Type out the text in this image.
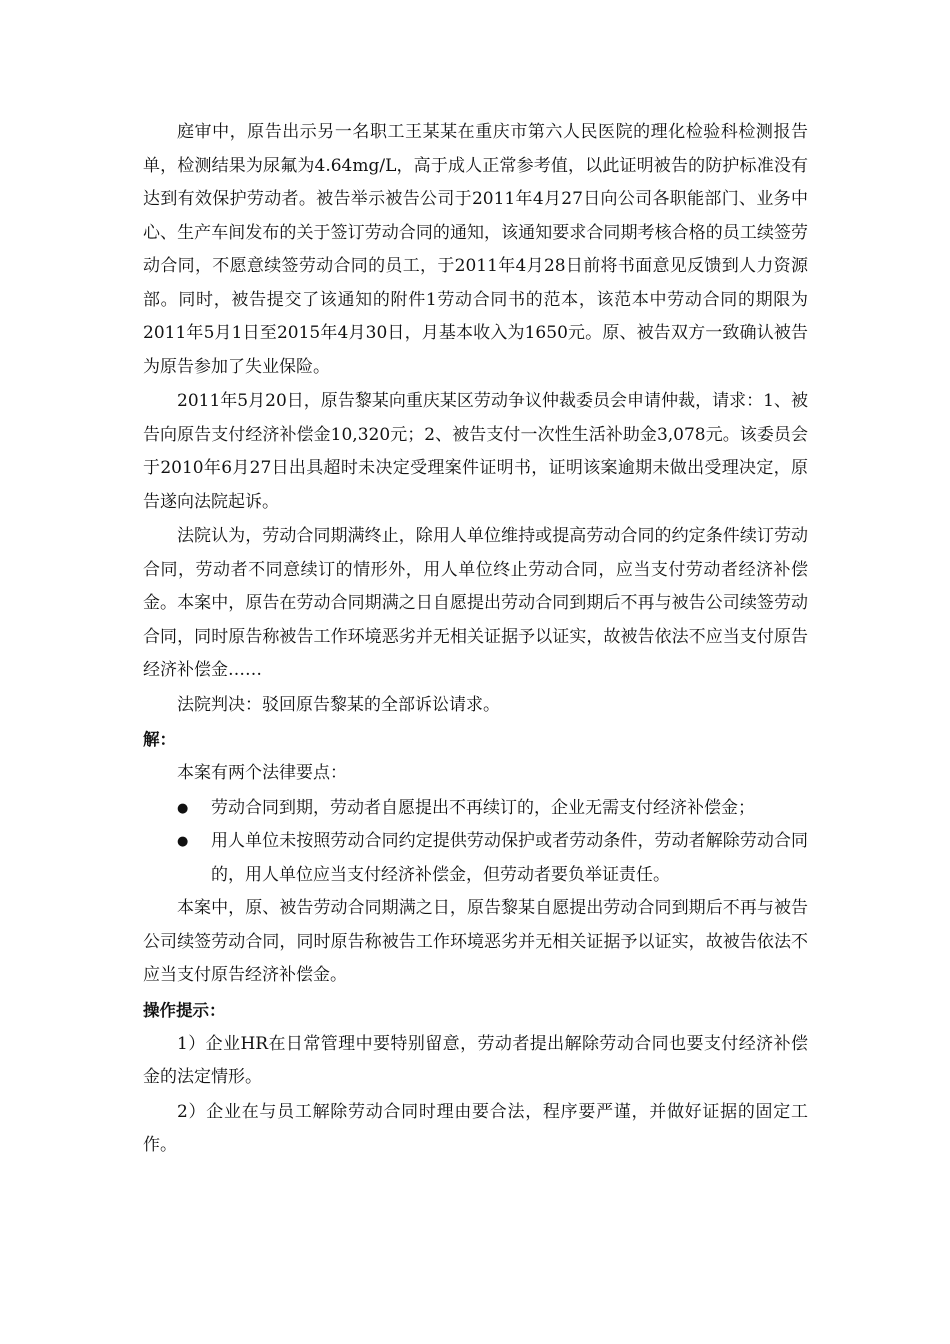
庭审中，原告出示另一名职工王某某在重庆市第六人民医院的理化检验科检测报告单，检测结果为尿氟为4.64mg/L，高于成人正常参考值，以此证明被告的防护标准没有达到有效保护劳动者。被告举示被告公司于2011年4月27日向公司各职能部门、业务中心、生产车间发布的关于签订劳动合同的通知，该通知要求合同期考核合格的员工续签劳动合同，不愿意续签劳动合同的员工，于2011年4月28日前将书面意见反馈到人力资源部。同时，被告提交了该通知的附件1劳动合同书的范本，该范本中劳动合同的期限为2011年5月1日至2015年4月30日，月基本收入为1650元。原、被告双方一致确认被告为原告参加了失业保险。

2011年5月20日，原告黎某向重庆某区劳动争议仲裁委员会申请仲裁，请求：1、被告向原告支付经济补偿金10,320元；2、被告支付一次性生活补助金3,078元。该委员会于2010年6月27日出具超时未决定受理案件证明书，证明该案逾期未做出受理决定，原告遂向法院起诉。

法院认为，劳动合同期满终止，除用人单位维持或提高劳动合同的约定条件续订劳动合同，劳动者不同意续订的情形外，用人单位终止劳动合同，应当支付劳动者经济补偿金。本案中，原告在劳动合同期满之日自愿提出劳动合同到期后不再与被告公司续签劳动合同，同时原告称被告工作环境恶劣并无相关证据予以证实，故被告依法不应当支付原告经济补偿金……

法院判决：驳回原告黎某的全部诉讼请求。

解：

本案有两个法律要点：

● 劳动合同到期，劳动者自愿提出不再续订的，企业无需支付经济补偿金；
● 用人单位未按照劳动合同约定提供劳动保护或者劳动条件，劳动者解除劳动合同的，用人单位应当支付经济补偿金，但劳动者要负举证责任。

本案中，原、被告劳动合同期满之日，原告黎某自愿提出劳动合同到期后不再与被告公司续签劳动合同，同时原告称被告工作环境恶劣并无相关证据予以证实，故被告依法不应当支付原告经济补偿金。

操作提示：

1）企业HR在日常管理中要特别留意，劳动者提出解除劳动合同也要支付经济补偿金的法定情形。

2）企业在与员工解除劳动合同时理由要合法，程序要严谨，并做好证据的固定工作。
